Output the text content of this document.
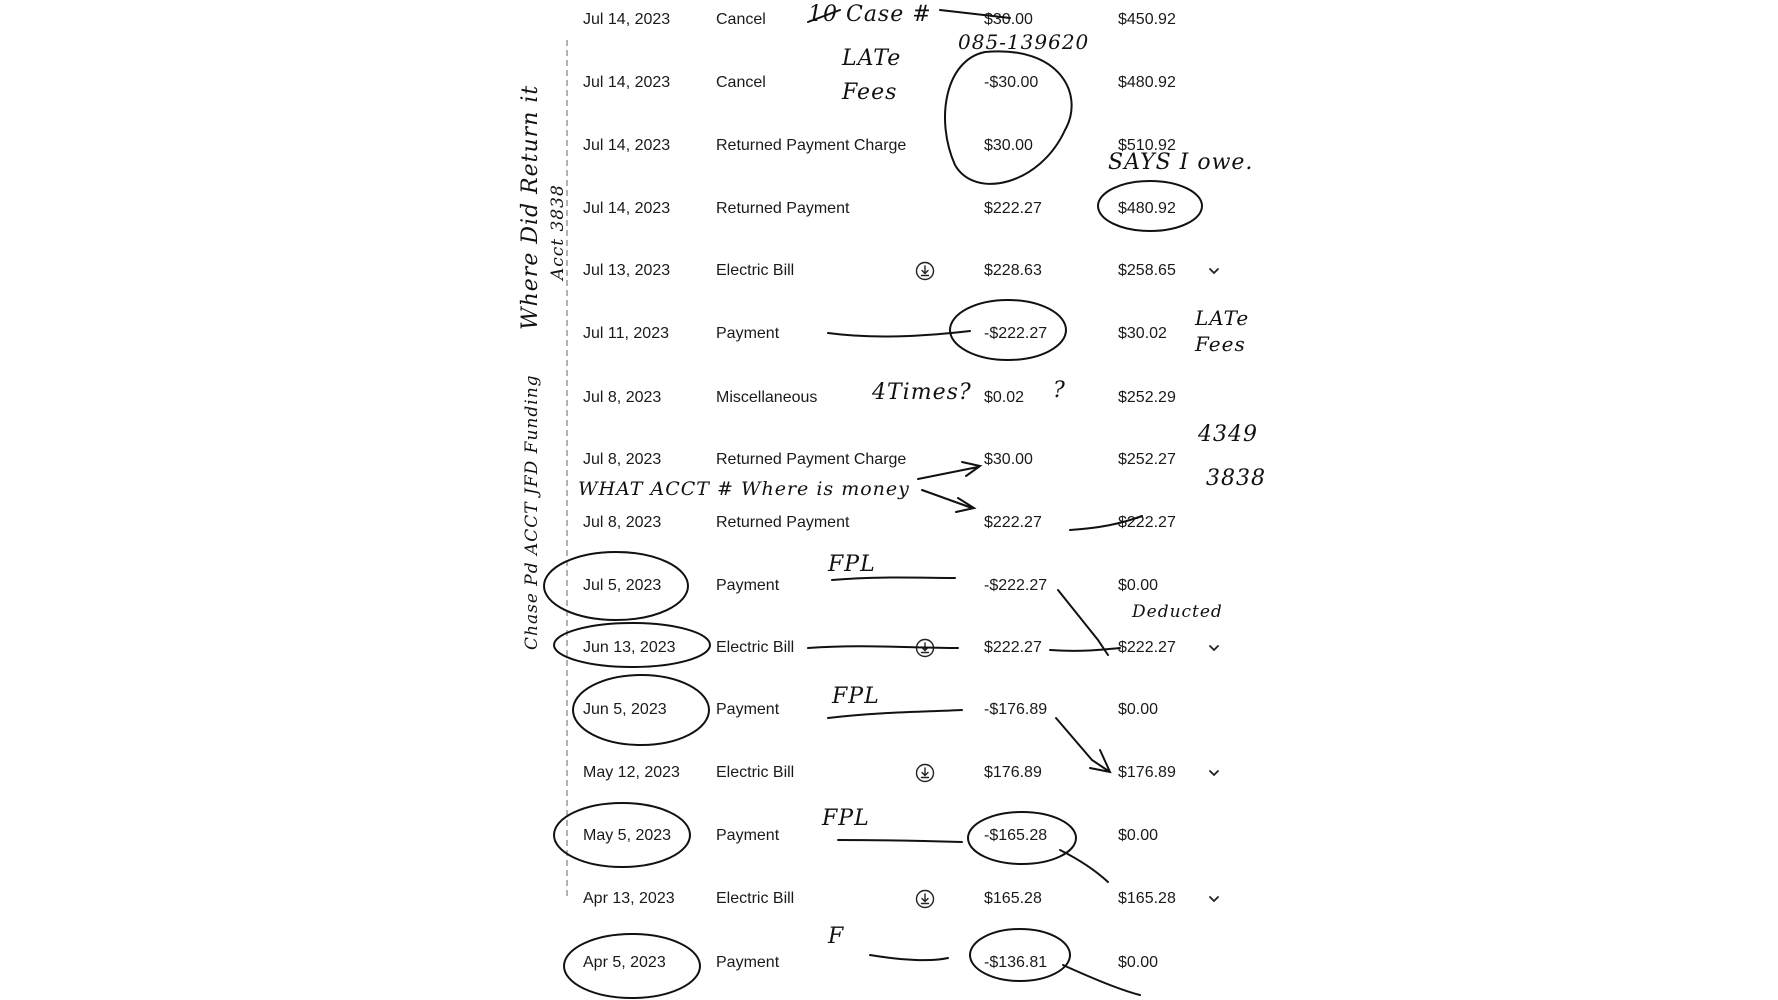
Jul 14, 2023	Cancel	$30.00	$450.92
Jul 14, 2023	Cancel	-$30.00	$480.92
Jul 14, 2023	Returned Payment Charge	$30.00	$510.92
Jul 14, 2023	Returned Payment	$222.27	$480.92
Jul 13, 2023	Electric Bill	$228.63	$258.65
Jul 11, 2023	Payment	-$222.27	$30.02
Jul 8, 2023	Miscellaneous	$0.02	$252.29
Jul 8, 2023	Returned Payment Charge	$30.00	$252.27
Jul 8, 2023	Returned Payment	$222.27	$222.27
Jul 5, 2023	Payment	-$222.27	$0.00
Jun 13, 2023	Electric Bill	$222.27	$222.27
Jun 5, 2023	Payment	-$176.89	$0.00
May 12, 2023 Electric Bill	$176.89	$176.89
May 5, 2023	Payment	-$165.28	$0.00
Apr 13, 2023	Electric Bill	$165.28	$165.28
Apr 5, 2023	Payment	-$136.81	$0.00
10 Case #
085-139620
LATe Fees
SAYS I owe.
LATe Fees
4Times?	?
4349
3838
WHAT ACCT # Where is money
FPL
FPL
FPL
F
Deducted
Where Did Return it Acct 3838
Chase Pd ACCT JFD Funding
